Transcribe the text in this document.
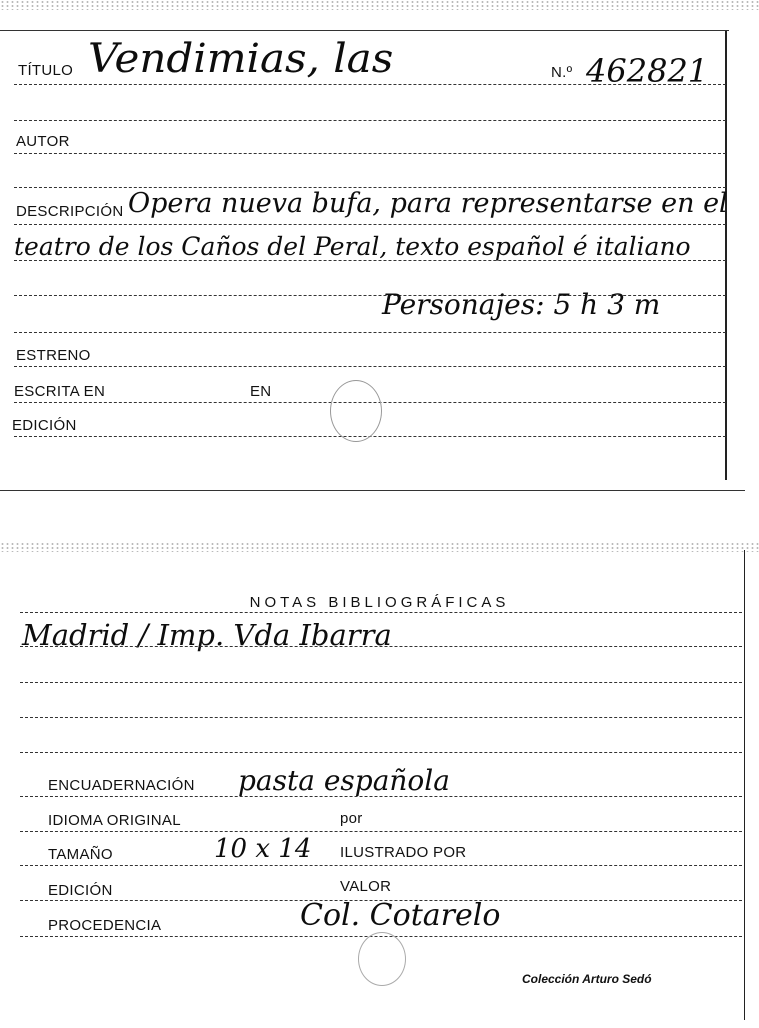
TÍTULO Vendimias, las	N.º 462821
AUTOR
DESCRIPCIÓN Opera nueva bufa, para representarse en el
teatro de los Caños del Peral, texto español é italiano
Personajes: 5 h 3 m
ESTRENO
ESCRITA EN	EN
EDICIÓN
NOTAS BIBLIOGRÁFICAS
Madrid / Imp. Vda Ibarra
ENCUADERNACIÓN pasta española
IDIOMA ORIGINAL	por
TAMAÑO	10 x 14 ILUSTRADO POR
EDICIÓN	VALOR
PROCEDENCIA	Col. Cotarelo
Colección Arturo Sedó
